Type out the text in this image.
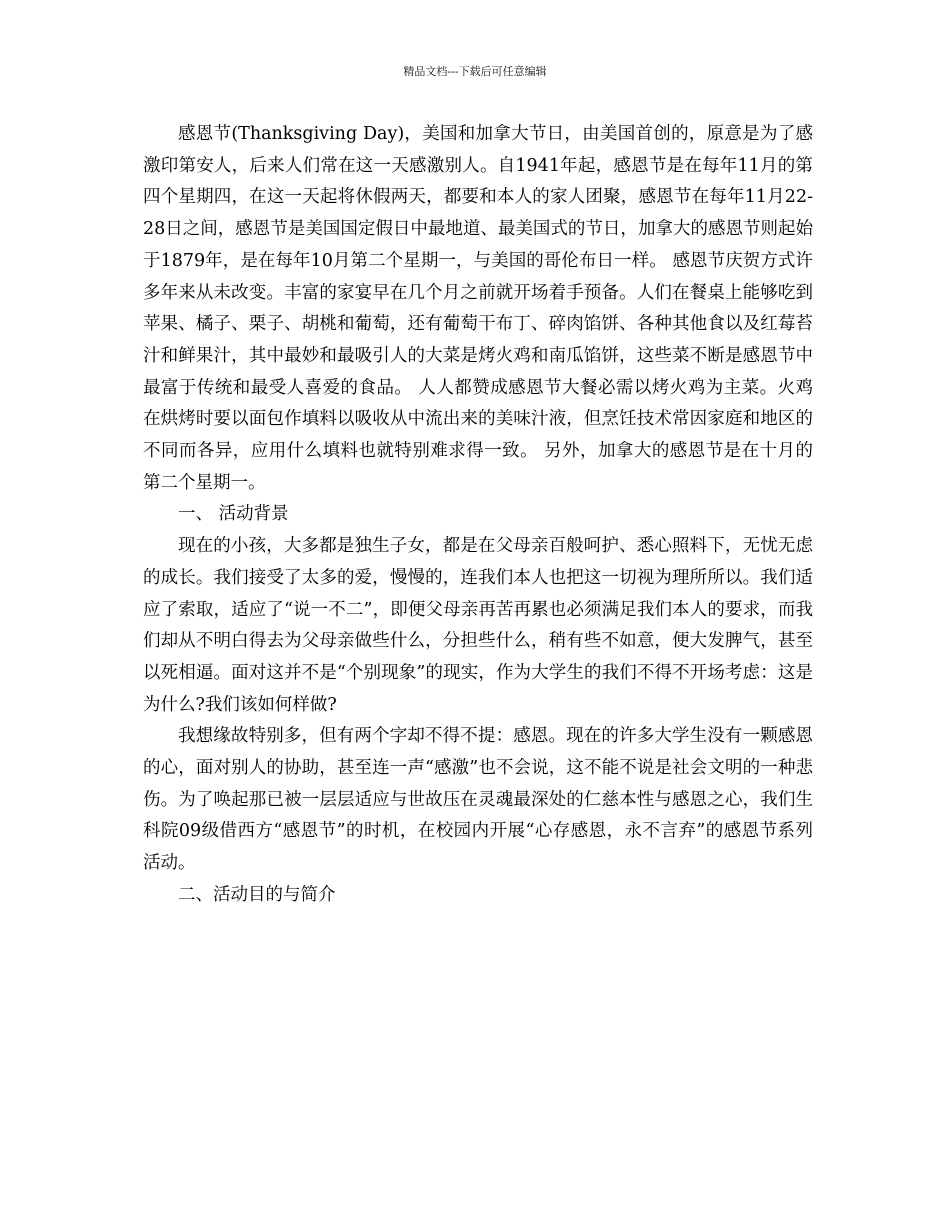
精品文档---下载后可任意编辑

感恩节(Thanksgiving Day)，美国和加拿大节日，由美国首创的，原意是为了感激印第安人，后来人们常在这一天感激别人。自1941年起，感恩节是在每年11月的第四个星期四，在这一天起将休假两天，都要和本人的家人团聚，感恩节在每年11月22-28日之间，感恩节是美国国定假日中最地道、最美国式的节日，加拿大的感恩节则起始于1879年，是在每年10月第二个星期一，与美国的哥伦布日一样。 感恩节庆贺方式许多年来从未改变。丰富的家宴早在几个月之前就开场着手预备。人们在餐桌上能够吃到苹果、橘子、栗子、胡桃和葡萄，还有葡萄干布丁、碎肉馅饼、各种其他食以及红莓苔汁和鲜果汁，其中最妙和最吸引人的大菜是烤火鸡和南瓜馅饼，这些菜不断是感恩节中最富于传统和最受人喜爱的食品。 人人都赞成感恩节大餐必需以烤火鸡为主菜。火鸡在烘烤时要以面包作填料以吸收从中流出来的美味汁液，但烹饪技术常因家庭和地区的不同而各异，应用什么填料也就特别难求得一致。 另外，加拿大的感恩节是在十月的第二个星期一。

一、 活动背景

现在的小孩，大多都是独生子女，都是在父母亲百般呵护、悉心照料下，无忧无虑的成长。我们接受了太多的爱，慢慢的，连我们本人也把这一切视为理所所以。我们适应了索取，适应了“说一不二”，即便父母亲再苦再累也必须满足我们本人的要求，而我们却从不明白得去为父母亲做些什么，分担些什么，稍有些不如意，便大发脾气，甚至以死相逼。面对这并不是“个别现象”的现实，作为大学生的我们不得不开场考虑：这是为什么?我们该如何样做?

我想缘故特别多，但有两个字却不得不提：感恩。现在的许多大学生没有一颗感恩的心，面对别人的协助，甚至连一声“感激”也不会说，这不能不说是社会文明的一种悲伤。为了唤起那已被一层层适应与世故压在灵魂最深处的仁慈本性与感恩之心，我们生科院09级借西方“感恩节”的时机，在校园内开展“心存感恩，永不言弃”的感恩节系列活动。

二、活动目的与简介
